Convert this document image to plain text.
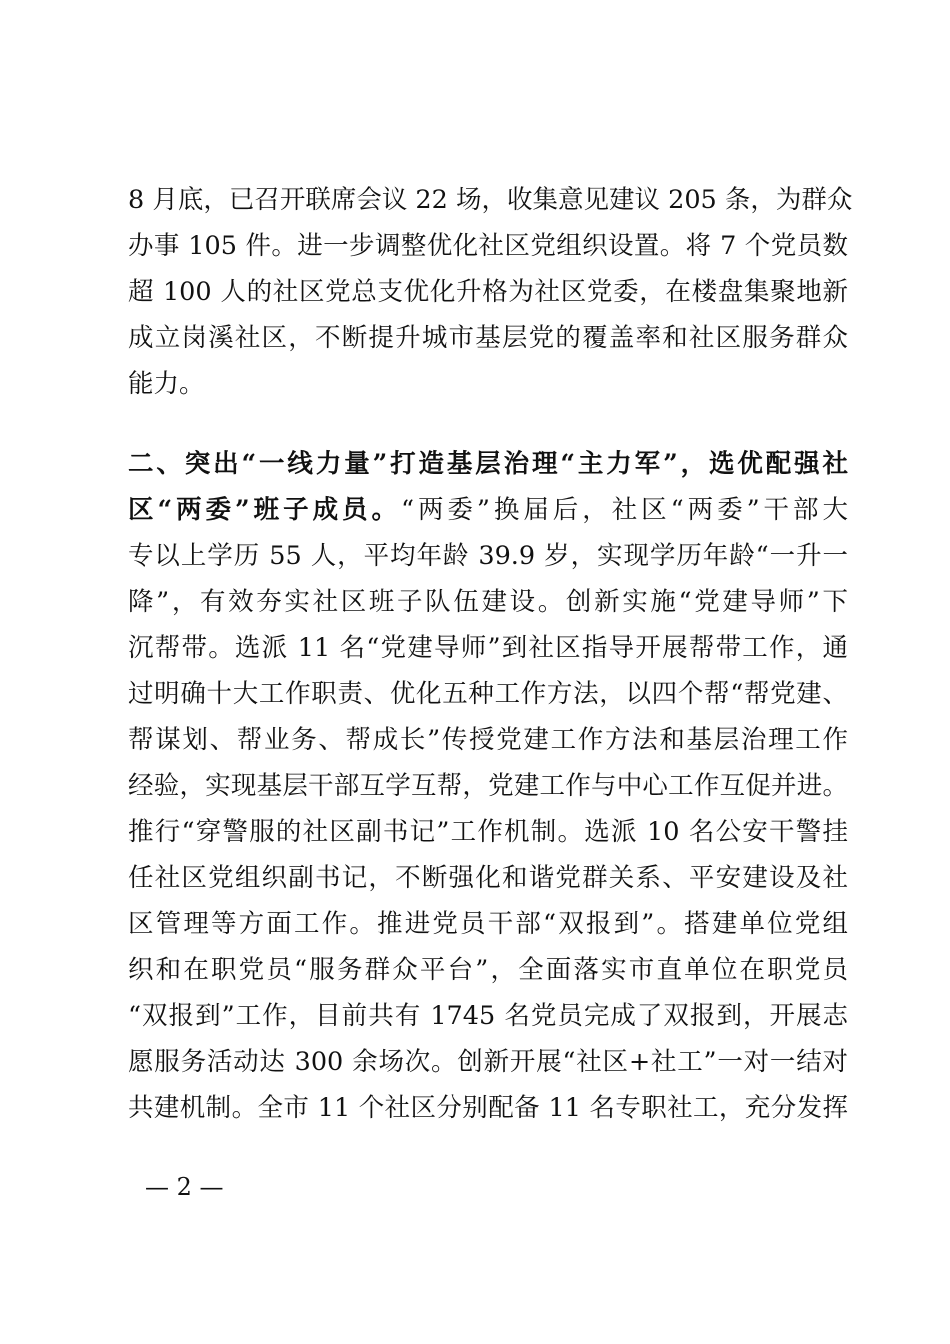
8 月底，已召开联席会议 22 场，收集意见建议 205 条，为群众
办事 105 件。进一步调整优化社区党组织设置。将 7 个党员数
超 100 人的社区党总支优化升格为社区党委，在楼盘集聚地新
成立岗溪社区，不断提升城市基层党的覆盖率和社区服务群众
能力。
二、突出“一线力量”打造基层治理“主力军”，选优配强社
区“两委”班子成员。“两委”换届后，社区“两委”干部大
专以上学历 55 人，平均年龄 39.9 岁，实现学历年龄“一升一
降”，有效夯实社区班子队伍建设。创新实施“党建导师”下
沉帮带。选派 11 名“党建导师”到社区指导开展帮带工作，通
过明确十大工作职责、优化五种工作方法，以四个帮“帮党建、
帮谋划、帮业务、帮成长”传授党建工作方法和基层治理工作
经验，实现基层干部互学互帮，党建工作与中心工作互促并进。
推行“穿警服的社区副书记”工作机制。选派 10 名公安干警挂
任社区党组织副书记，不断强化和谐党群关系、平安建设及社
区管理等方面工作。推进党员干部“双报到”。搭建单位党组
织和在职党员“服务群众平台”，全面落实市直单位在职党员
“双报到”工作，目前共有 1745 名党员完成了双报到，开展志
愿服务活动达 300 余场次。创新开展“社区+社工”一对一结对
共建机制。全市 11 个社区分别配备 11 名专职社工，充分发挥
— 2 —
